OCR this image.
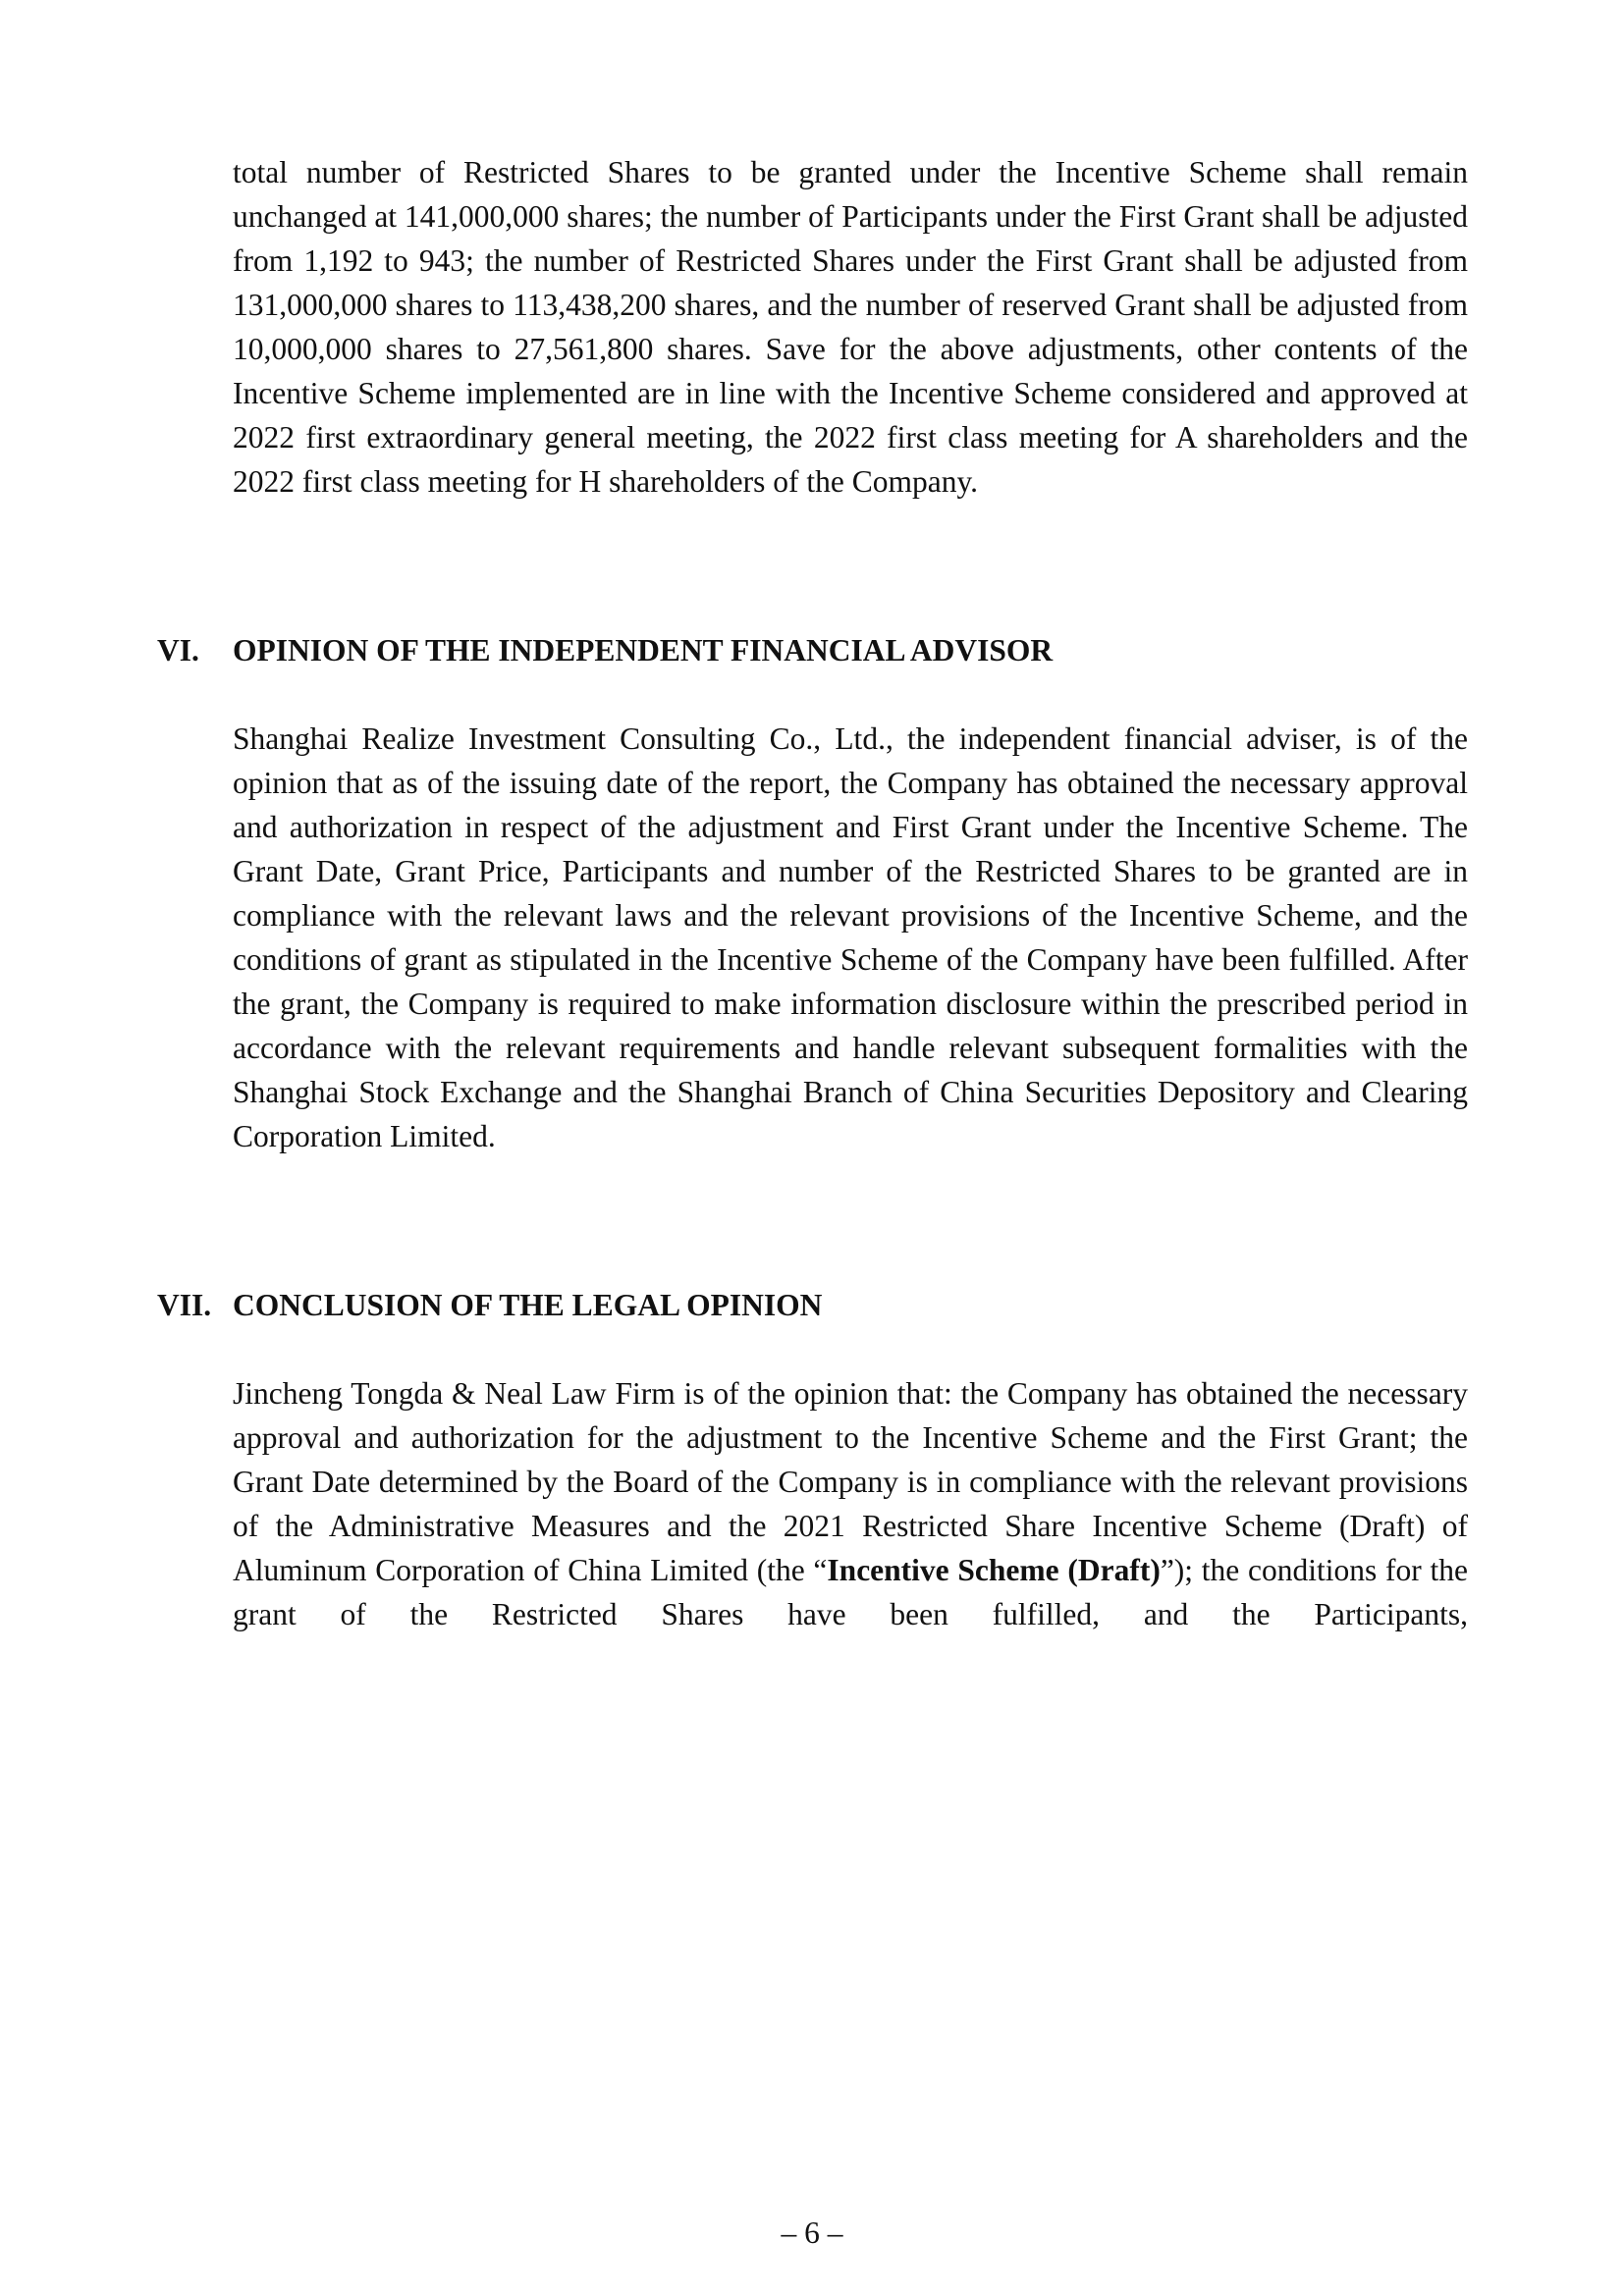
total number of Restricted Shares to be granted under the Incentive Scheme shall remain unchanged at 141,000,000 shares; the number of Participants under the First Grant shall be adjusted from 1,192 to 943; the number of Restricted Shares under the First Grant shall be adjusted from 131,000,000 shares to 113,438,200 shares, and the number of reserved Grant shall be adjusted from 10,000,000 shares to 27,561,800 shares. Save for the above adjustments, other contents of the Incentive Scheme implemented are in line with the Incentive Scheme considered and approved at 2022 first extraordinary general meeting, the 2022 first class meeting for A shareholders and the 2022 first class meeting for H shareholders of the Company.

VI. OPINION OF THE INDEPENDENT FINANCIAL ADVISOR

Shanghai Realize Investment Consulting Co., Ltd., the independent financial adviser, is of the opinion that as of the issuing date of the report, the Company has obtained the necessary approval and authorization in respect of the adjustment and First Grant under the Incentive Scheme. The Grant Date, Grant Price, Participants and number of the Restricted Shares to be granted are in compliance with the relevant laws and the relevant provisions of the Incentive Scheme, and the conditions of grant as stipulated in the Incentive Scheme of the Company have been fulfilled. After the grant, the Company is required to make information disclosure within the prescribed period in accordance with the relevant requirements and handle relevant subsequent formalities with the Shanghai Stock Exchange and the Shanghai Branch of China Securities Depository and Clearing Corporation Limited.

VII. CONCLUSION OF THE LEGAL OPINION

Jincheng Tongda & Neal Law Firm is of the opinion that: the Company has obtained the necessary approval and authorization for the adjustment to the Incentive Scheme and the First Grant; the Grant Date determined by the Board of the Company is in compliance with the relevant provisions of the Administrative Measures and the 2021 Restricted Share Incentive Scheme (Draft) of Aluminum Corporation of China Limited (the “Incentive Scheme (Draft)”); the conditions for the grant of the Restricted Shares have been fulfilled, and the Participants,

– 6 –
